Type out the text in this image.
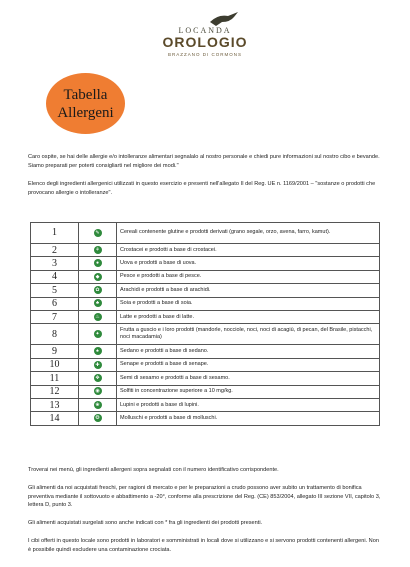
LOCANDA
OROLOGIO
BRAZZANO DI CORMONS
Tabella
Allergeni
Caro ospite, se hai delle allergie e/o intolleranze alimentari segnalalo al nostro personale e chiedi pure informazioni sul nostro cibo e bevande. Siamo preparati per poterti consigliarti nel migliore dei modi."
Elenco degli ingredienti allergenici utilizzati in questo esercizio e presenti nell'allegato II del Reg. UE n. 1169/2001 – "sostanze o prodotti che provocano allergie o intolleranze".
1	✎	Cereali contenente glutine e prodotti derivati (grano segale, orzo, avena, farro, kamut).
2	⚘	Crostacei e prodotti a base di crostacei.
3	●	Uova e prodotti a base di uova.
4	◆	Pesce e prodotti a base di pesce.
5	✿	Arachidi e prodotti a base di arachidi.
6	♣	Soia e prodotti a base di soia.
7	♨	Latte e prodotti a base di latte.
8	✦	Frutta a guscio e i loro prodotti (mandorle, nocciole, noci, noci di acagiù, di pecan, del Brasile, pistacchi, noci macadamia)
9	♠	Sedano e prodotti a base di sedano.
10	✚	Senape e prodotti a base di senape.
11	✥	Semi di sesamo e prodotti a base di sesamo.
12	◉	Solfiti in concentrazione superiore a 10 mg/kg.
13	❀	Lupini e prodotti a base di lupini.
14	❂	Molluschi e prodotti a base di molluschi.
Troverai nei menù, gli ingredienti allergeni sopra segnalati con il numero identificativo corrispondente.
Gli alimenti da noi acquistati freschi, per ragioni di mercato e per le preparazioni a crudo possono aver subito un trattamento di bonifica preventiva mediante il sottovuoto e abbattimento a -20°, conforme alla prescrizione del Reg. (CE) 853/2004, allegato III sezione VII, capitolo 3, lettera D, punto 3.
Gli alimenti acquistati surgelati sono anche indicati con * fra gli ingredienti dei prodotti presenti.
I cibi offerti in questo locale sono prodotti in laboratori e somministrati in locali dove si utilizzano e si servono prodotti contenenti allergeni. Non è possibile quindi escludere una contaminazione crociata.
